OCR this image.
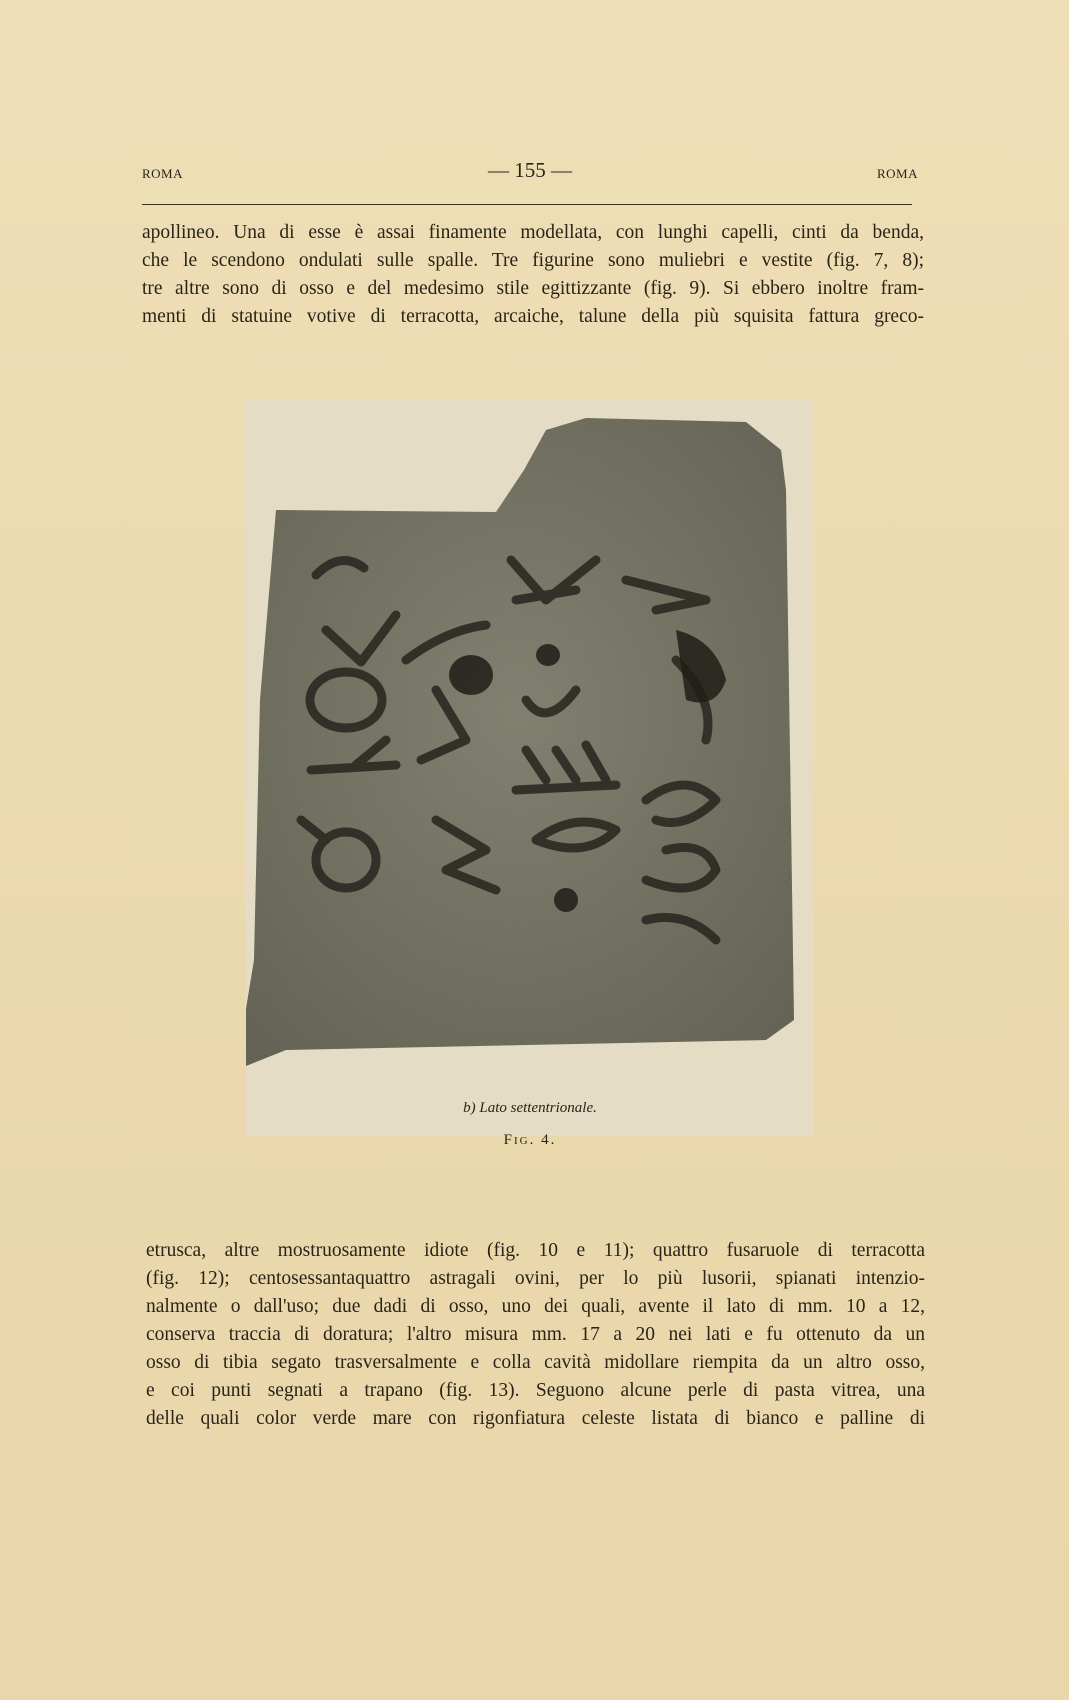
ROMA	— 155 —	ROMA
apollineo. Una di esse è assai finamente modellata, con lunghi capelli, cinti da benda,
che le scendono ondulati sulle spalle. Tre figurine sono muliebri e vestite (fig. 7, 8);
tre altre sono di osso e del medesimo stile egittizzante (fig. 9). Si ebbero inoltre fram-
menti di statuine votive di terracotta, arcaiche, talune della più squisita fattura greco-
b) Lato settentrionale.
Fig. 4.
etrusca, altre mostruosamente idiote (fig. 10 e 11); quattro fusaruole di terracotta
(fig. 12); centosessantaquattro astragali ovini, per lo più lusorii, spianati intenzio-
nalmente o dall'uso; due dadi di osso, uno dei quali, avente il lato di mm. 10 a 12,
conserva traccia di doratura; l'altro misura mm. 17 a 20 nei lati e fu ottenuto da un
osso di tibia segato trasversalmente e colla cavità midollare riempita da un altro osso,
e coi punti segnati a trapano (fig. 13). Seguono alcune perle di pasta vitrea, una
delle quali color verde mare con rigonfiatura celeste listata di bianco e palline di
